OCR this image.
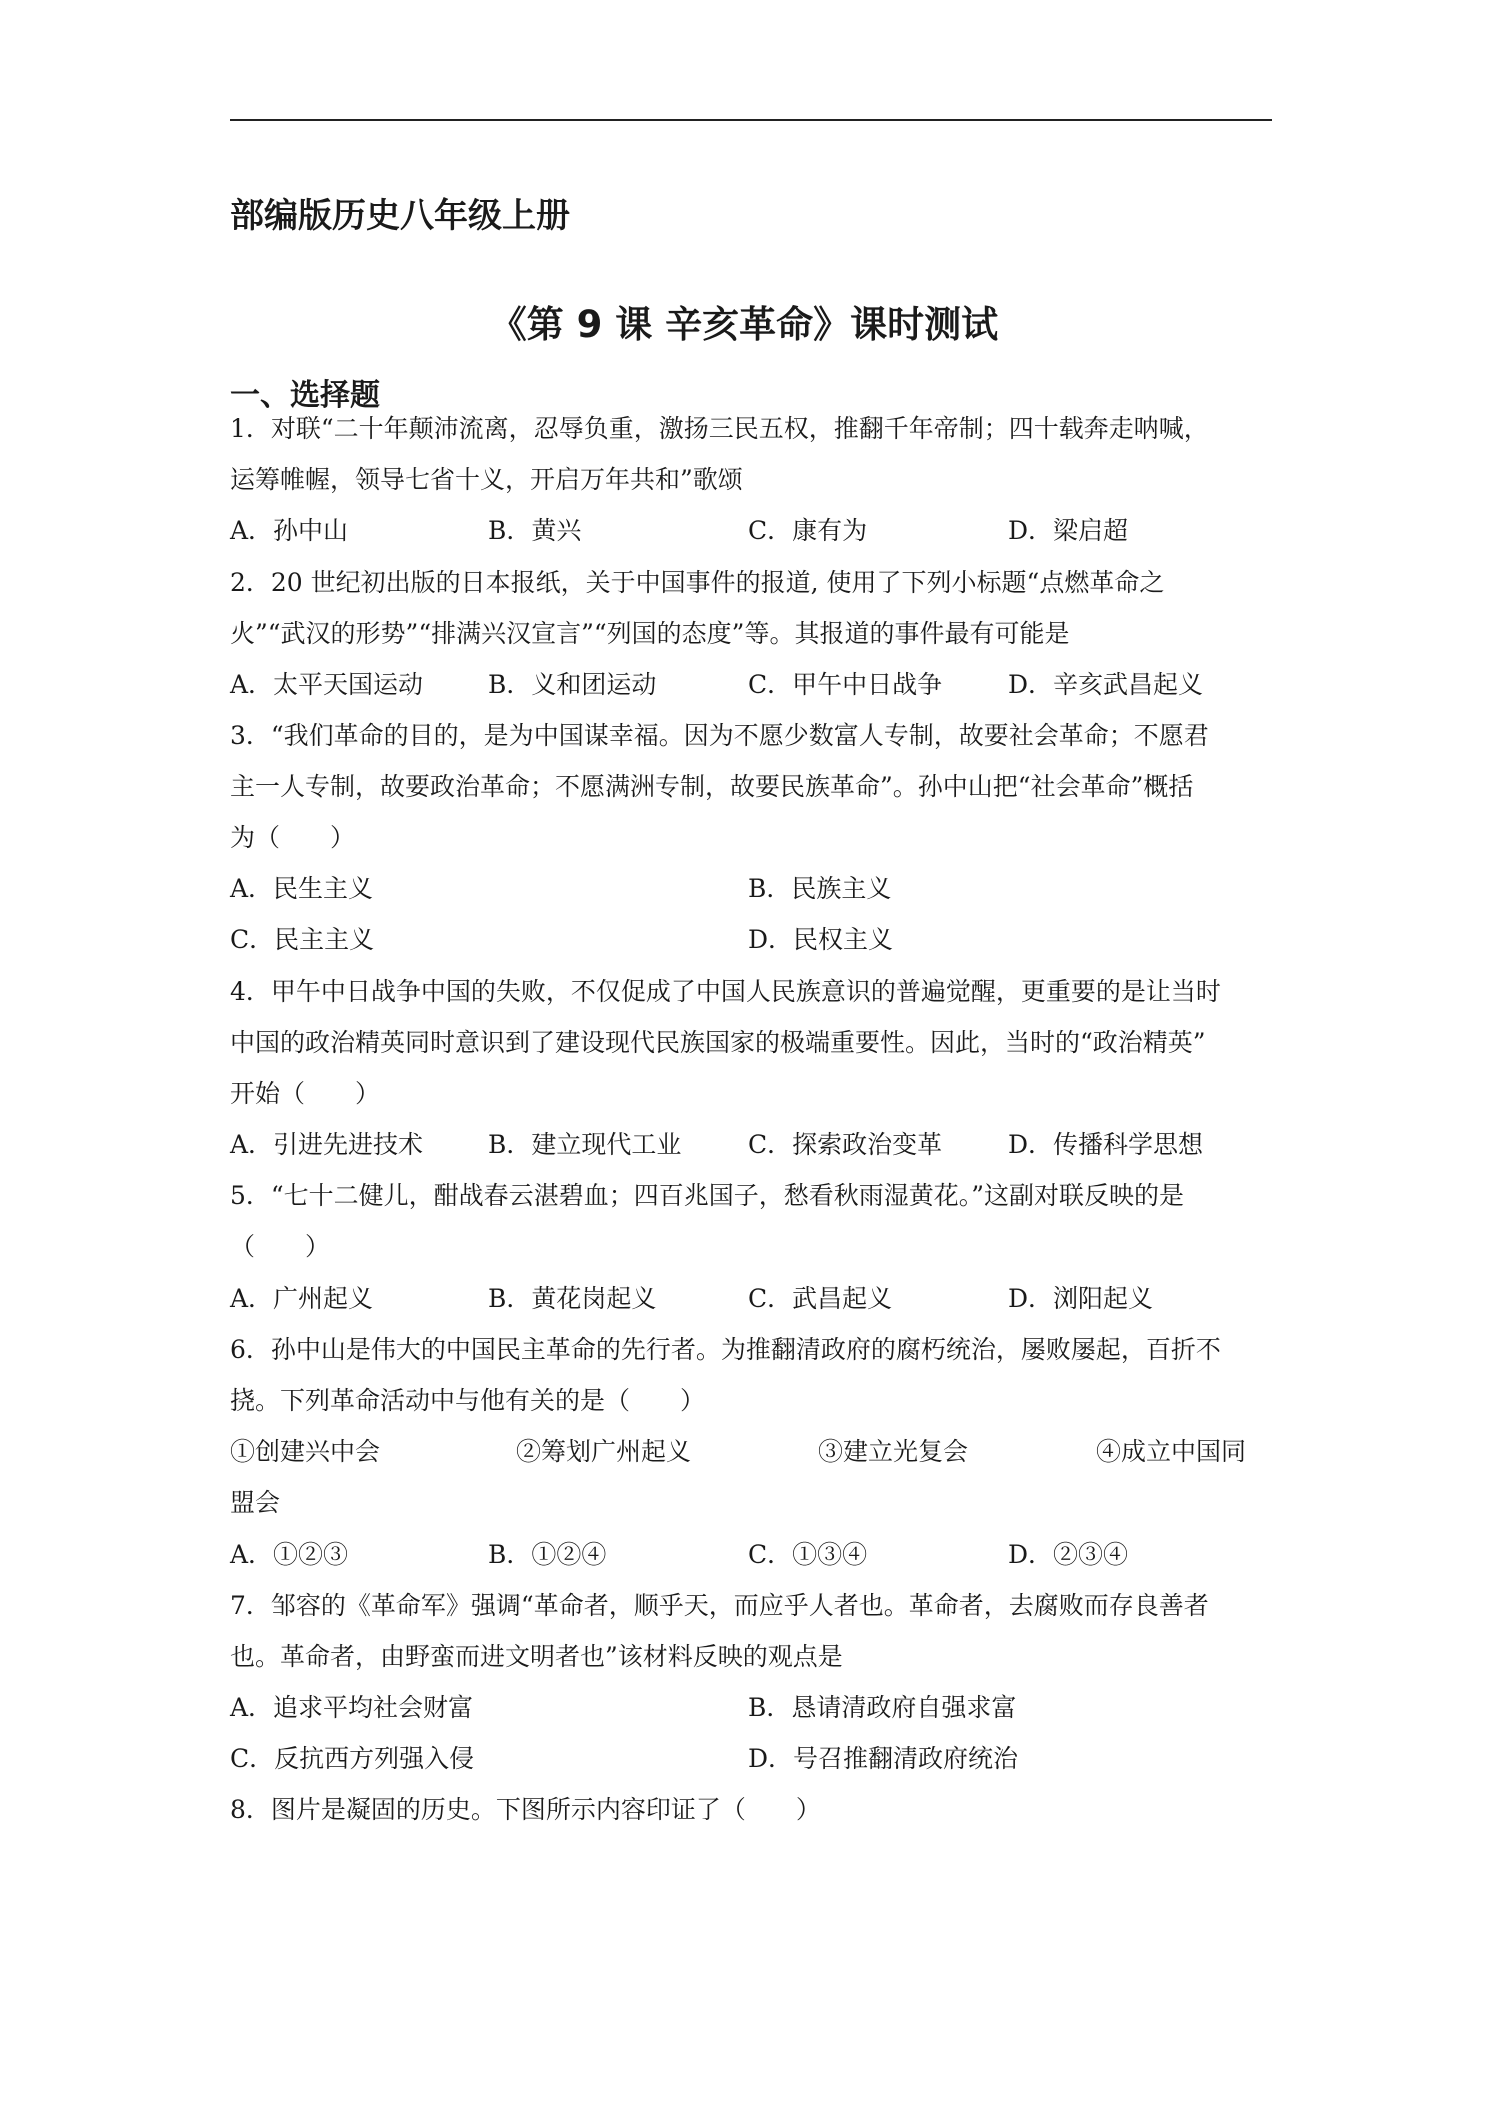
部编版历史八年级上册
《第 9 课 辛亥革命》课时测试
一、选择题
1．对联“二十年颠沛流离，忍辱负重，激扬三民五权，推翻千年帝制；四十载奔走呐喊，
运筹帷幄，领导七省十义，开启万年共和”歌颂
A．孙中山	B．黄兴	C．康有为	D．梁启超
2．20 世纪初出版的日本报纸，关于中国事件的报道, 使用了下列小标题“点燃革命之
火”“武汉的形势”“排满兴汉宣言”“列国的态度”等。其报道的事件最有可能是
A．太平天国运动	B．义和团运动	C．甲午中日战争	D．辛亥武昌起义
3．“我们革命的目的，是为中国谋幸福。因为不愿少数富人专制，故要社会革命；不愿君
主一人专制，故要政治革命；不愿满洲专制，故要民族革命”。孙中山把“社会革命”概括
为（　　）
A．民生主义	B．民族主义
C．民主主义	D．民权主义
4．甲午中日战争中国的失败，不仅促成了中国人民族意识的普遍觉醒，更重要的是让当时
中国的政治精英同时意识到了建设现代民族国家的极端重要性。因此，当时的“政治精英”
开始（　　）
A．引进先进技术	B．建立现代工业	C．探索政治变革	D．传播科学思想
5．“七十二健儿，酣战春云湛碧血；四百兆国子，愁看秋雨湿黄花。”这副对联反映的是
（　　）
A．广州起义	B．黄花岗起义	C．武昌起义	D．浏阳起义
6．孙中山是伟大的中国民主革命的先行者。为推翻清政府的腐朽统治，屡败屡起，百折不
挠。下列革命活动中与他有关的是（　　）
①创建兴中会	②筹划广州起义	③建立光复会	④成立中国同
盟会
A．①②③	B．①②④	C．①③④	D．②③④
7．邹容的《革命军》强调“革命者，顺乎天，而应乎人者也。革命者，去腐败而存良善者
也。革命者，由野蛮而进文明者也”该材料反映的观点是
A．追求平均社会财富	B．恳请清政府自强求富
C．反抗西方列强入侵	D．号召推翻清政府统治
8．图片是凝固的历史。下图所示内容印证了（　　）
